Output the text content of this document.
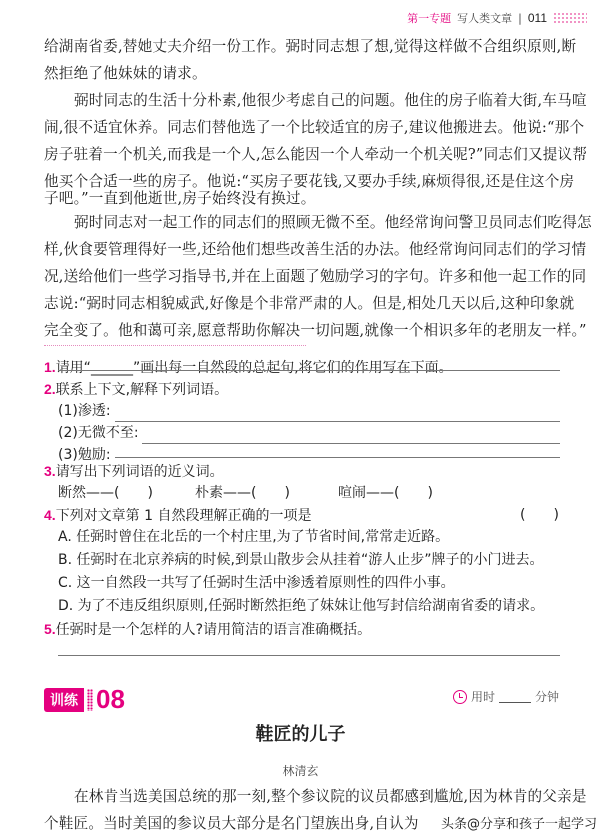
第一专题 写人类文章 | 011
给湖南省委,替她丈夫介绍一份工作。弼时同志想了想,觉得这样做不合组织原则,断
然拒绝了他妹妹的请求。
弼时同志的生活十分朴素,他很少考虑自己的问题。他住的房子临着大街,车马喧
闹,很不适宜休养。同志们替他选了一个比较适宜的房子,建议他搬进去。他说:“那个
房子驻着一个机关,而我是一个人,怎么能因一个人牵动一个机关呢?”同志们又提议帮
他买个合适一些的房子。他说:“买房子要花钱,又要办手续,麻烦得很,还是住这个房
子吧。”一直到他逝世,房子始终没有换过。
弼时同志对一起工作的同志们的照顾无微不至。他经常询问警卫员同志们吃得怎
样,伙食要管理得好一些,还给他们想些改善生活的办法。他经常询问同志们的学习情
况,送给他们一些学习指导书,并在上面题了勉励学习的字句。许多和他一起工作的同
志说:“弼时同志相貌威武,好像是个非常严肃的人。但是,相处几天以后,这种印象就
完全变了。他和蔼可亲,愿意帮助你解决一切问题,就像一个相识多年的老朋友一样。”
1.请用“______”画出每一自然段的总起句,将它们的作用写在下面。
2.联系上下文,解释下列词语。
(1)渗透:
(2)无微不至:
(3)勉励:
3.请写出下列词语的近义词。
断然——(　　)	朴素——(　　)	喧闹——(　　)
4.下列对文章第 1 自然段理解正确的一项是	(　　)
A. 任弼时曾住在北岳的一个村庄里,为了节省时间,常常走近路。
B. 任弼时在北京养病的时候,到景山散步会从挂着“游人止步”牌子的小门进去。
C. 这一自然段一共写了任弼时生活中渗透着原则性的四件小事。
D. 为了不违反组织原则,任弼时断然拒绝了妹妹让他写封信给湖南省委的请求。
5.任弼时是一个怎样的人?请用简洁的语言准确概括。
训练 08	用时	分钟
鞋匠的儿子
林清玄
在林肯当选美国总统的那一刻,整个参议院的议员都感到尴尬,因为林肯的父亲是
个鞋匠。当时美国的参议员大部分是名门望族出身,自认为 头条@分享和孩子一起学习
